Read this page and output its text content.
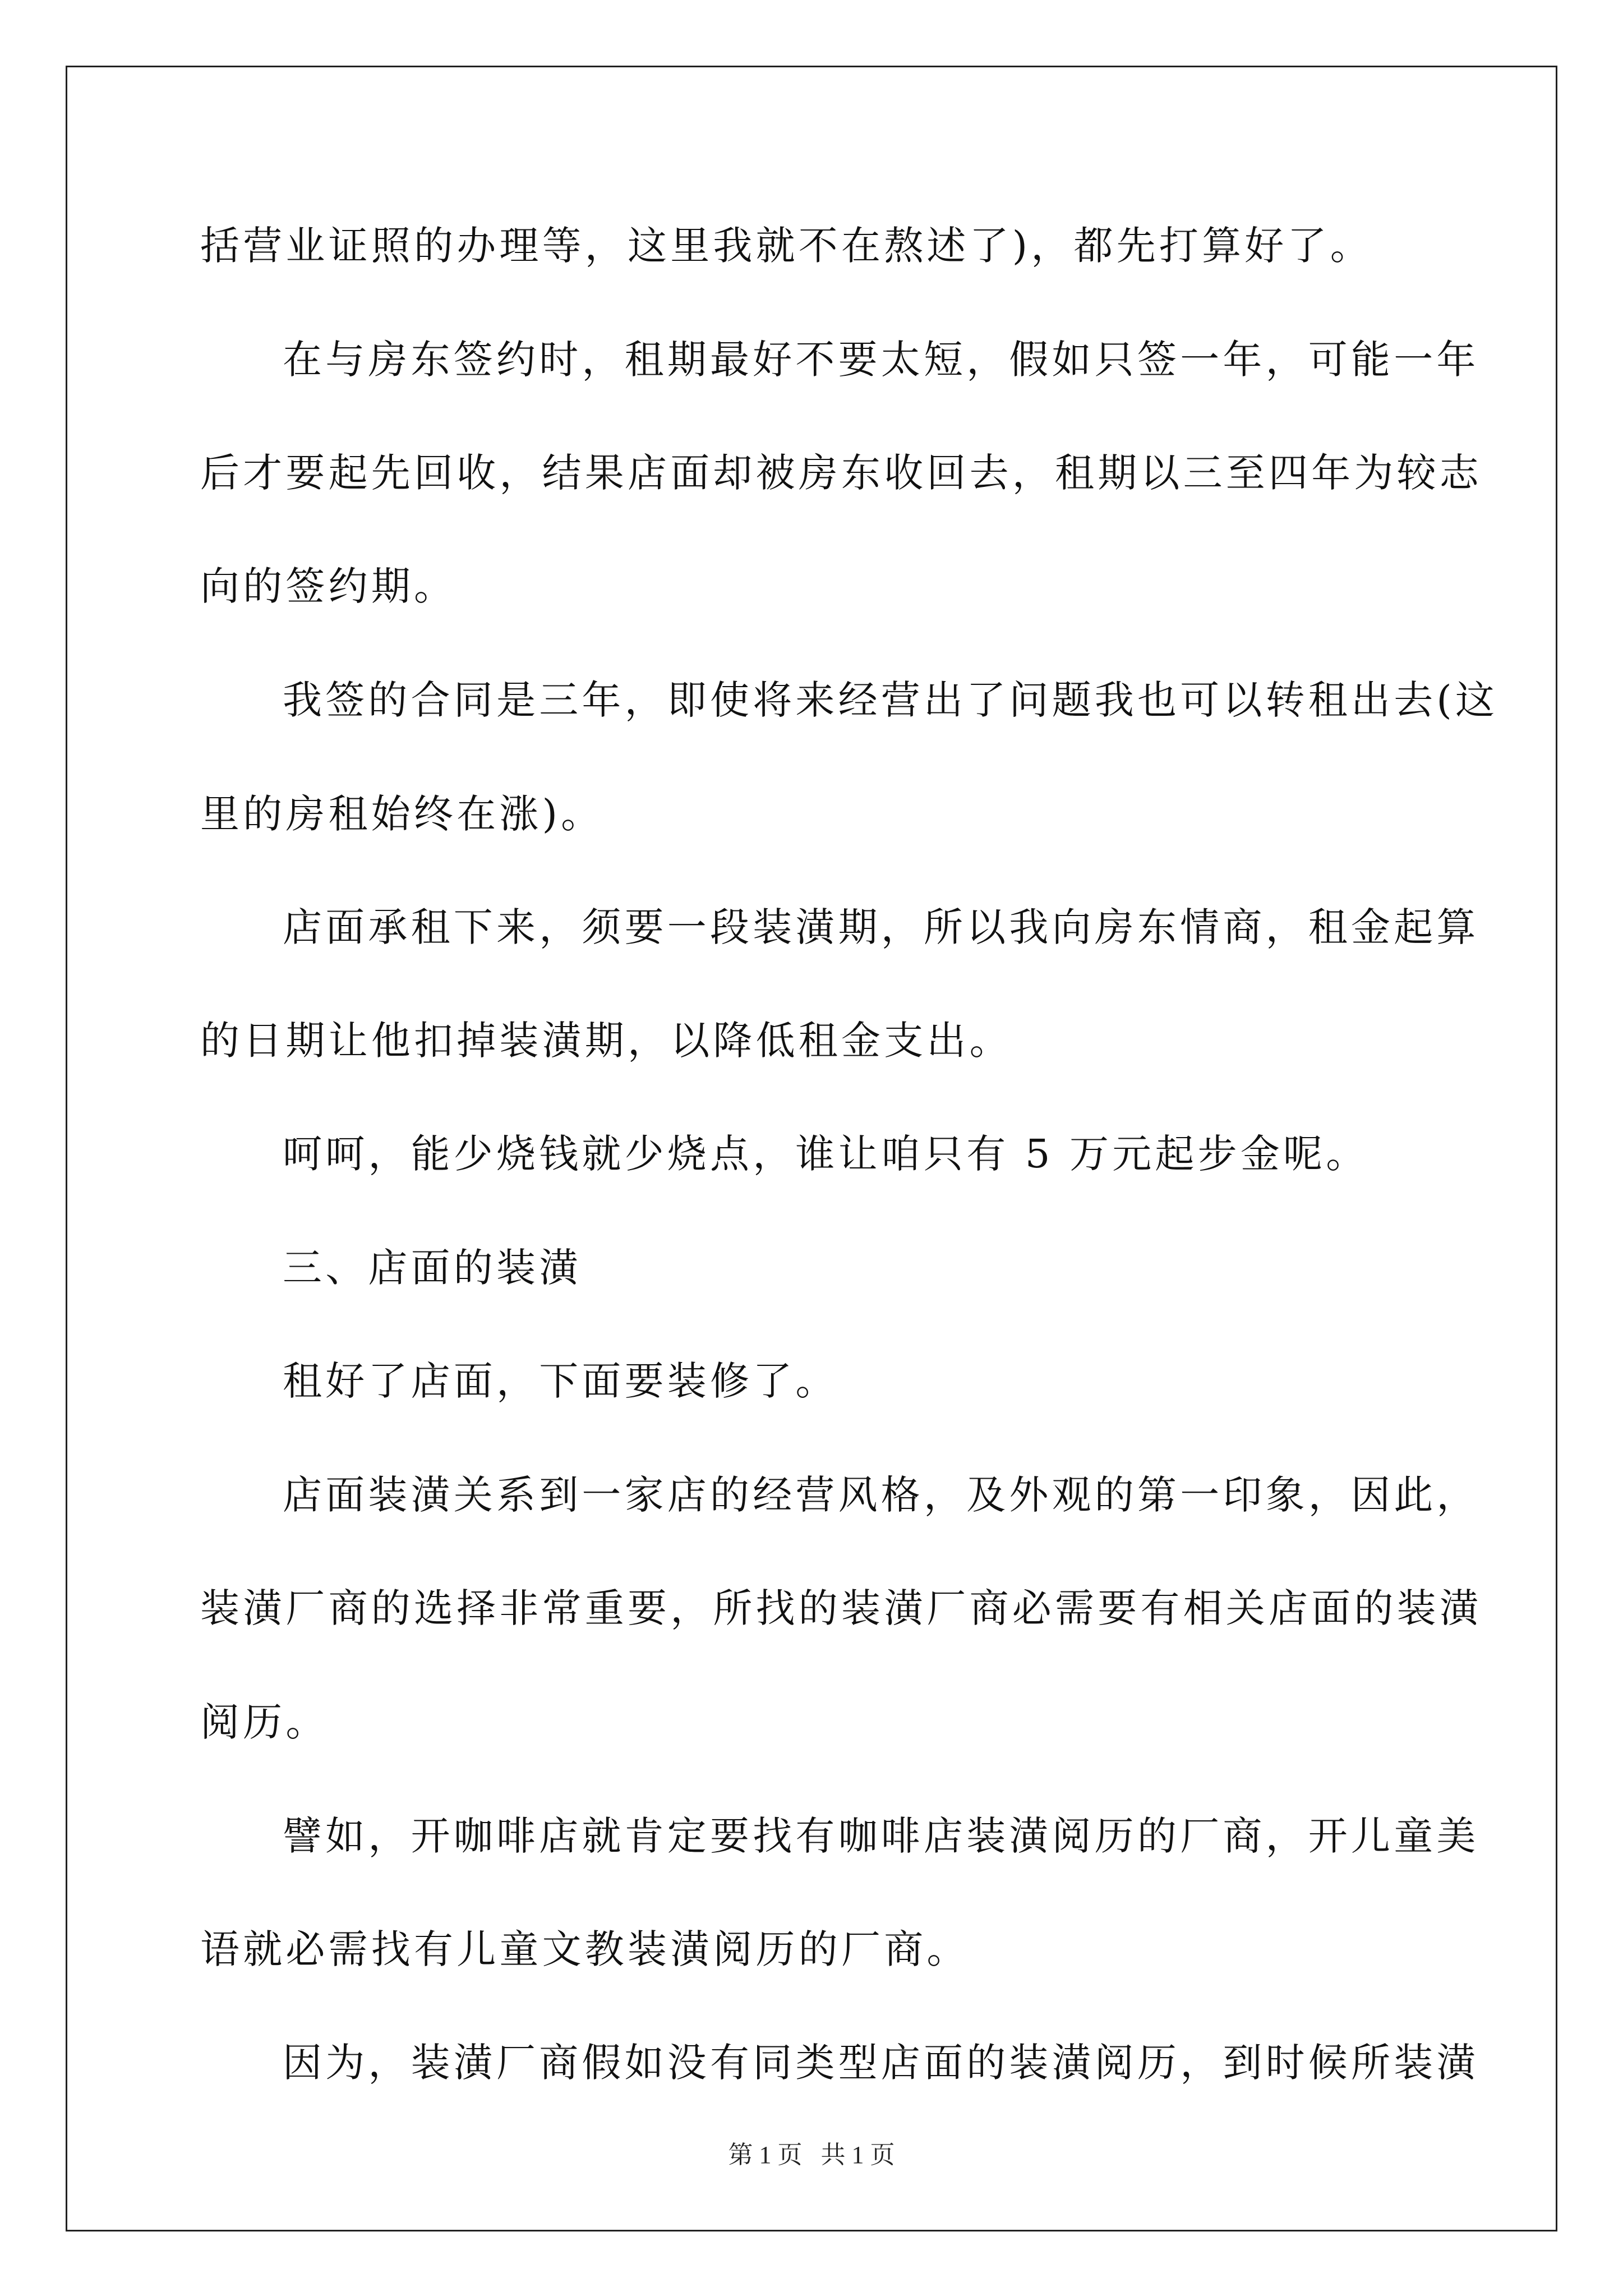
括营业证照的办理等，这里我就不在熬述了)，都先打算好了。
在与房东签约时，租期最好不要太短，假如只签一年，可能一年
后才要起先回收，结果店面却被房东收回去，租期以三至四年为较志
向的签约期。
我签的合同是三年，即使将来经营出了问题我也可以转租出去(这
里的房租始终在涨)。
店面承租下来，须要一段装潢期，所以我向房东情商，租金起算
的日期让他扣掉装潢期，以降低租金支出。
呵呵，能少烧钱就少烧点，谁让咱只有 5 万元起步金呢。
三、店面的装潢
租好了店面，下面要装修了。
店面装潢关系到一家店的经营风格，及外观的第一印象，因此，
装潢厂商的选择非常重要，所找的装潢厂商必需要有相关店面的装潢
阅历。
譬如，开咖啡店就肯定要找有咖啡店装潢阅历的厂商，开儿童美
语就必需找有儿童文教装潢阅历的厂商。
因为，装潢厂商假如没有同类型店面的装潢阅历，到时候所装潢
第 1 页   共 1 页
